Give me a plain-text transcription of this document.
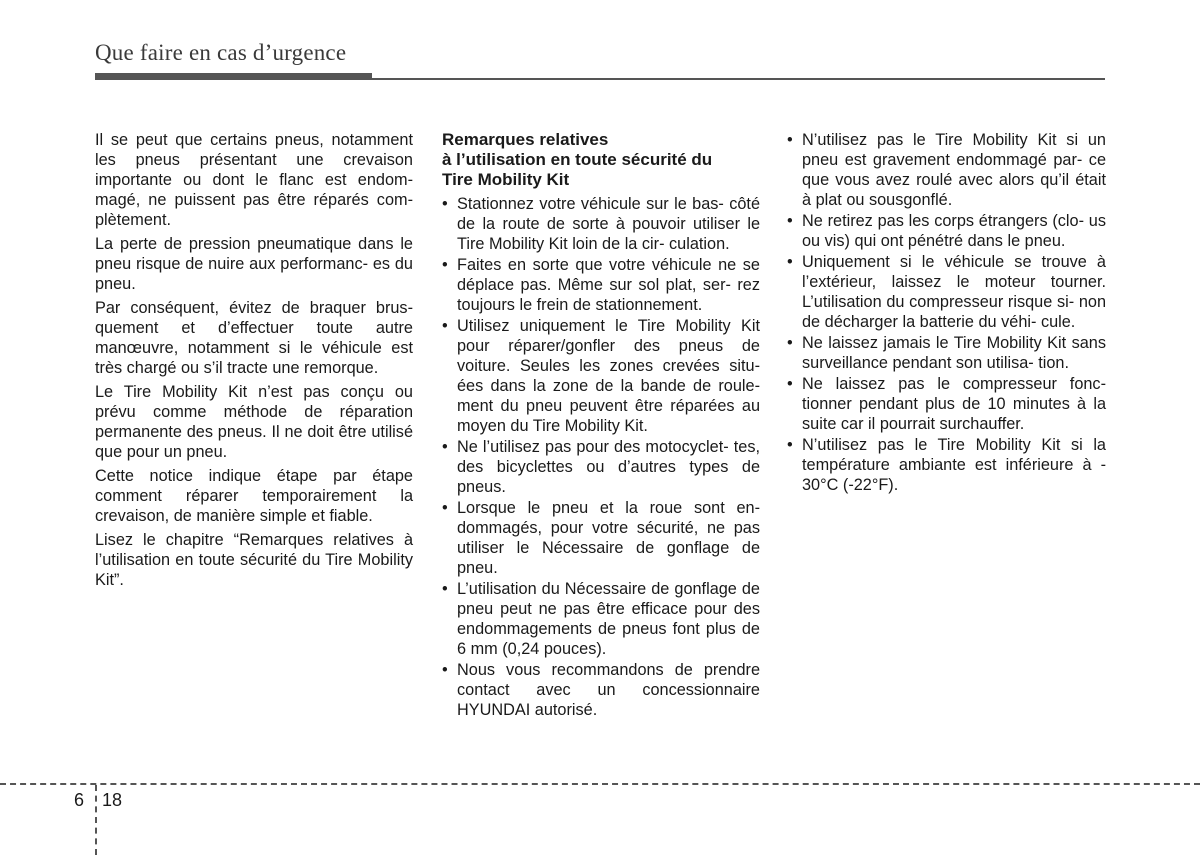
Que faire en cas d’urgence

Il se peut que certains pneus, notamment les pneus présentant une crevaison importante ou dont le flanc est endom- magé, ne puissent pas être réparés com- plètement.

La perte de pression pneumatique dans le pneu risque de nuire aux performanc- es du pneu.

Par conséquent, évitez de braquer brus- quement et d’effectuer toute autre manœuvre, notamment si le véhicule est très chargé ou s’il tracte une remorque.

Le Tire Mobility Kit n’est pas conçu ou prévu comme méthode de réparation permanente des pneus. Il ne doit être utilisé que pour un pneu.

Cette notice indique étape par étape comment réparer temporairement la crevaison, de manière simple et fiable.

Lisez le chapitre “Remarques relatives à l’utilisation en toute sécurité du Tire Mobility Kit”.

Remarques relatives
à l’utilisation en toute sécurité du
Tire Mobility Kit
• Stationnez votre véhicule sur le bas- côté de la route de sorte à pouvoir utiliser le Tire Mobility Kit loin de la cir- culation.
• Faites en sorte que votre véhicule ne se déplace pas. Même sur sol plat, ser- rez toujours le frein de stationnement.
• Utilisez uniquement le Tire Mobility Kit pour réparer/gonfler des pneus de voiture. Seules les zones crevées situ- ées dans la zone de la bande de roule- ment du pneu peuvent être réparées au moyen du Tire Mobility Kit.
• Ne l’utilisez pas pour des motocyclet- tes, des bicyclettes ou d’autres types de pneus.
• Lorsque le pneu et la roue sont en- dommagés, pour votre sécurité, ne pas utiliser le Nécessaire de gonflage de pneu.
• L’utilisation du Nécessaire de gonflage de pneu peut ne pas être efficace pour des endommagements de pneus font plus de 6 mm (0,24 pouces).
• Nous vous recommandons de prendre contact avec un concessionnaire HYUNDAI autorisé.
• N’utilisez pas le Tire Mobility Kit si un pneu est gravement endommagé par- ce que vous avez roulé avec alors qu’il était à plat ou sousgonflé.
• Ne retirez pas les corps étrangers (clo- us ou vis) qui ont pénétré dans le pneu.
• Uniquement si le véhicule se trouve à l’extérieur, laissez le moteur tourner. L’utilisation du compresseur risque si- non de décharger la batterie du véhi- cule.
• Ne laissez jamais le Tire Mobility Kit sans surveillance pendant son utilisa- tion.
• Ne laissez pas le compresseur fonc- tionner pendant plus de 10 minutes à la suite car il pourrait surchauffer.
• N’utilisez pas le Tire Mobility Kit si la température ambiante est inférieure à - 30°C (-22°F).
6 18
